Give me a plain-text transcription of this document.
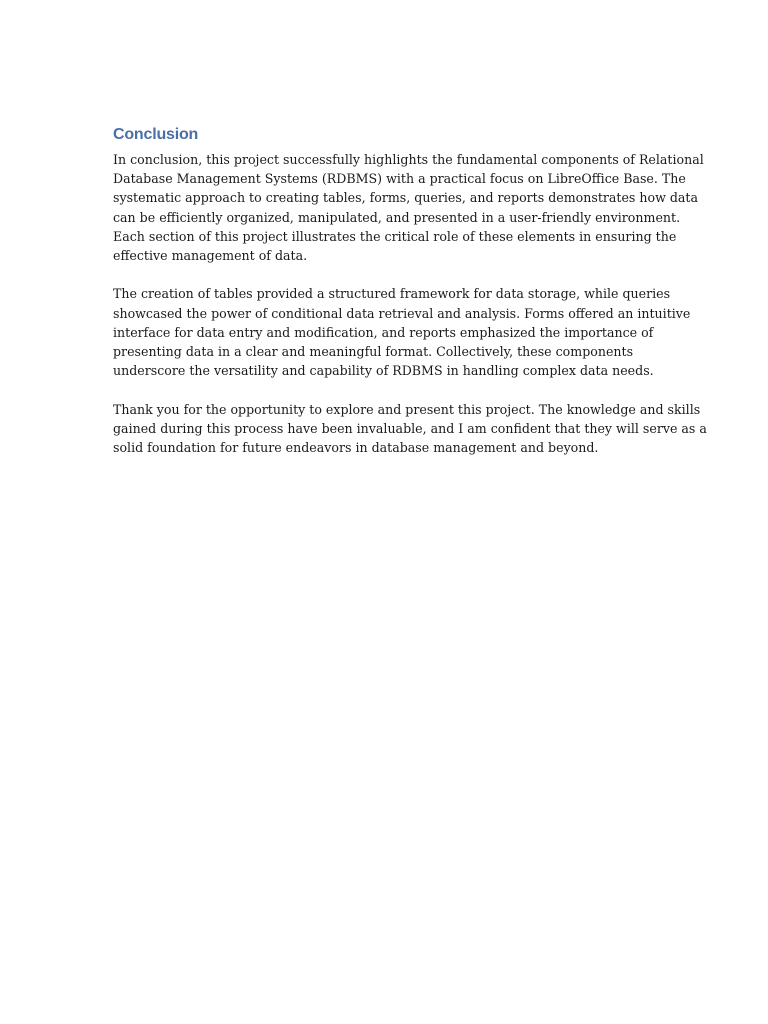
Conclusion

In conclusion, this project successfully highlights the fundamental components of Relational
Database Management Systems (RDBMS) with a practical focus on LibreOffice Base. The
systematic approach to creating tables, forms, queries, and reports demonstrates how data
can be efficiently organized, manipulated, and presented in a user-friendly environment.
Each section of this project illustrates the critical role of these elements in ensuring the
effective management of data.

The creation of tables provided a structured framework for data storage, while queries
showcased the power of conditional data retrieval and analysis. Forms offered an intuitive
interface for data entry and modification, and reports emphasized the importance of
presenting data in a clear and meaningful format. Collectively, these components
underscore the versatility and capability of RDBMS in handling complex data needs.

Thank you for the opportunity to explore and present this project. The knowledge and skills
gained during this process have been invaluable, and I am confident that they will serve as a
solid foundation for future endeavors in database management and beyond.
